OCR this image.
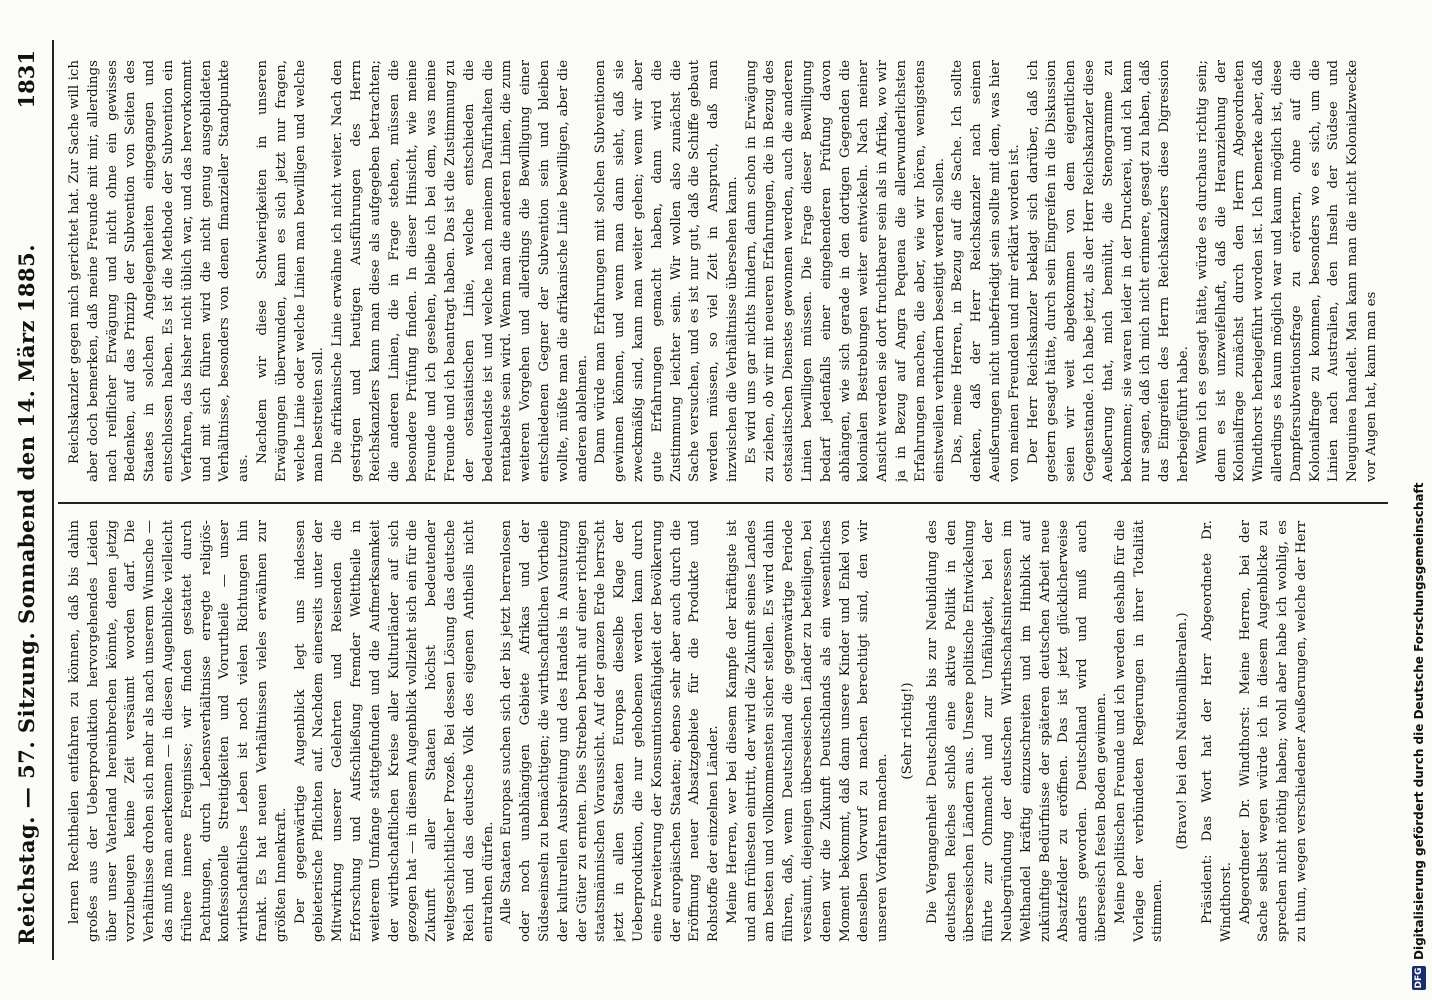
Reichstag. — 57. Sitzung. Sonnabend den 14. März 1885.
1831

lernen Rechtheilen entfahren zu können, daß bis dahin großes aus der Ueberproduktion hervorgehendes Leiden über unser Vaterland hereinbrechen könnte, denen jetzig vorzubeugen keine Zeit versäumt worden darf. Die Verhältnisse drohen sich mehr als nach unserem Wunsche — das muß man anerkennen — in diesen Augenblicke vielleicht frühere innere Ereignisse; wir finden gestattet durch Pachtungen, durch Lebensverhältnisse erregte religiös-konfessionelle Streitigkeiten und Vorurtheile — unser wirthschaftliches Leben ist noch vielen Richtungen hin frankt. Es hat neuen Verhältnissen vieles erwähnen zur größten Innenkraft. Der gegenwärtige Augenblick legt uns indessen gebieterische Pflichten auf. Nachdem einerseits unter der Mitwirkung unserer Gelehrten und Reisenden die Erforschung und Aufschließung fremder Welttheile in weiterem Umfange stattgefunden und die Aufmerksamkeit der wirthschaftlichen Kreise aller Kulturländer auf sich gezogen hat — in diesem Augenblick vollzieht sich ein für die Zukunft aller Staaten höchst bedeutender weltgeschichtlicher Prozeß. Bei dessen Lösung das deutsche Reich und das deutsche Volk des eigenen Antheils nicht entrathen dürfen. Alle Staaten Europas suchen sich der bis jetzt herrenlosen oder noch unabhängigen Gebiete Afrikas und der Südseeinseln zu bemächtigen; die wirthschaftlichen Vortheile der kulturellen Ausbreitung und des Handels in Ausnutzung der Güter zu ernten. Dies Streben beruht auf einer richtigen staatsmännischen Voraussicht. Auf der ganzen Erde herrscht jetzt in allen Staaten Europas dieselbe Klage der Ueberproduktion, die nur gehobenen werden kann durch eine Erweiterung der Konsumtionsfähigkeit der Bevölkerung der europäischen Staaten; ebenso sehr aber auch durch die Eröffnung neuer Absatzgebiete für die Produkte und Rohstoffe der einzelnen Länder. Meine Herren, wer bei diesem Kampfe der kräftigste ist und am frühesten eintritt, der wird die Zukunft seines Landes am besten und vollkommensten sicher stellen. Es wird dahin führen, daß, wenn Deutschland die gegenwärtige Periode versäumt, diejenigen überseeischen Länder zu beteiligen, bei denen wir die Zukunft Deutschlands als ein wesentliches Moment bekommt, daß dann unsere Kinder und Enkel von denselben Vorwurf zu machen berechtigt sind, den wir unseren Vorfahren machen.

(Sehr richtig!) Die Vergangenheit Deutschlands bis zur Neubildung des deutschen Reiches schloß eine aktive Politik in den überseeischen Ländern aus. Unsere politische Entwickelung führte zur Ohnmacht und zur Unfähigkeit, bei der Neubegründung der deutschen Wirthschaftsinteressen im Welthandel kräftig einzuschreiten und im Hinblick auf zukünftige Bedürfnisse der späteren deutschen Arbeit neue Absatzfelder zu eröffnen. Das ist jetzt glücklicherweise anders geworden. Deutschland wird und muß auch überseeisch festen Boden gewinnen. Meine politischen Freunde und ich werden deshalb für die Vorlage der verbündeten Regierungen in ihrer Totalität stimmen.

(Bravo! bei den Nationalliberalen.) Präsident: Das Wort hat der Herr Abgeordnete Dr. Windthorst. Abgeordneter Dr. Windthorst: Meine Herren, bei der Sache selbst wegen würde ich in diesem Augenblicke zu sprechen nicht nöthig haben; wohl aber habe ich wohlig, es zu thun, wegen verschiedener Aeußerungen, welche der Herr

Reichskanzler gegen mich gerichtet hat. Zur Sache will ich aber doch bemerken, daß meine Freunde mit mir, allerdings nach reiflicher Erwägung und nicht ohne ein gewisses Bedenken, auf das Prinzip der Subvention von Seiten des Staates in solchen Angelegenheiten eingegangen und entschlossen haben. Es ist die Methode der Subvention ein Verfahren, das bisher nicht üblich war, und das hervorkommt und mit sich führen wird die nicht genug ausgebildeten Verhältnisse, besonders von denen finanzieller Standpunkte aus.

Nachdem wir diese Schwierigkeiten in unseren Erwägungen überwunden, kann es sich jetzt nur fragen, welche Linie oder welche Linien man bewilligen und welche man bestreiten soll. Die afrikanische Linie erwähne ich nicht weiter. Nach den gestrigen und heutigen Ausführungen des Herrn Reichskanzlers kann man diese als aufgegeben betrachten; die anderen Linien, die in Frage stehen, müssen die besondere Prüfung finden. In dieser Hinsicht, wie meine Freunde und ich gesehen, bleibe ich bei dem, was meine Freunde und ich beantragt haben. Das ist die Zustimmung zu der ostasiatischen Linie, welche entschieden die bedeutendste ist und welche nach meinem Dafürhalten die rentabelste sein wird. Wenn man die anderen Linien, die zum weiteren Vorgehen und allerdings die Bewilligung einer entschiedenen Gegner der Subvention sein und bleiben wollte, müßte man die afrikanische Linie bewilligen, aber die anderen ablehnen. Dann würde man Erfahrungen mit solchen Subventionen gewinnen können, und wenn man dann sieht, daß sie zweckmäßig sind, kann man weiter gehen; wenn wir aber gute Erfahrungen gemacht haben, dann wird die Zustimmung leichter sein. Wir wollen also zunächst die Sache versuchen, und es ist nur gut, daß die Schiffe gebaut werden müssen, so viel Zeit in Anspruch, daß man inzwischen die Verhältnisse übersehen kann. Es wird uns gar nichts hindern, dann schon in Erwägung zu ziehen, ob wir mit neueren Erfahrungen, die in Bezug des ostasiatischen Dienstes gewonnen werden, auch die anderen Linien bewilligen müssen. Die Frage dieser Bewilligung bedarf jedenfalls einer eingehenderen Prüfung davon abhängen, wie sich gerade in den dortigen Gegenden die kolonialen Bestrebungen weiter entwickeln. Nach meiner Ansicht werden sie dort fruchtbarer sein als in Afrika, wo wir ja in Bezug auf Angra Pequena die allerwunderlichsten Erfahrungen machen, die aber, wie wir hören, wenigstens einstweilen verhindern beseitigt werden sollen. Das, meine Herren, in Bezug auf die Sache. Ich sollte denken, daß der Herr Reichskanzler nach seinen Aeußerungen nicht unbefriedigt sein sollte mit dem, was hier von meinen Freunden und mir erklärt worden ist. Der Herr Reichskanzler beklagt sich darüber, daß ich gestern gesagt hätte, durch sein Eingreifen in die Diskussion seien wir weit abgekommen von dem eigentlichen Gegenstande. Ich habe jetzt, als der Herr Reichskanzler diese Aeußerung that, mich bemüht, die Stenogramme zu bekommen; sie waren leider in der Druckerei, und ich kann nur sagen, daß ich mich nicht erinnere, gesagt zu haben, daß das Eingreifen des Herrn Reichskanzlers diese Digression herbeigeführt habe. Wenn ich es gesagt hätte, würde es durchaus richtig sein; denn es ist unzweifelhaft, daß die Heranziehung der Kolonialfrage zunächst durch den Herrn Abgeordneten Windthorst herbeigeführt worden ist. Ich bemerke aber, daß allerdings es kaum möglich war und kaum möglich ist, diese Dampfersubventionsfrage zu erörtern, ohne auf die Kolonialfrage zu kommen, besonders wo es sich, um die Linien nach Australien, den Inseln der Südsee und Neuguinea handelt. Man kann man die nicht Kolonialzwecke vor Augen hat, kann man es

DFG
Digitalisierung gefördert durch die Deutsche Forschungsgemeinschaft
